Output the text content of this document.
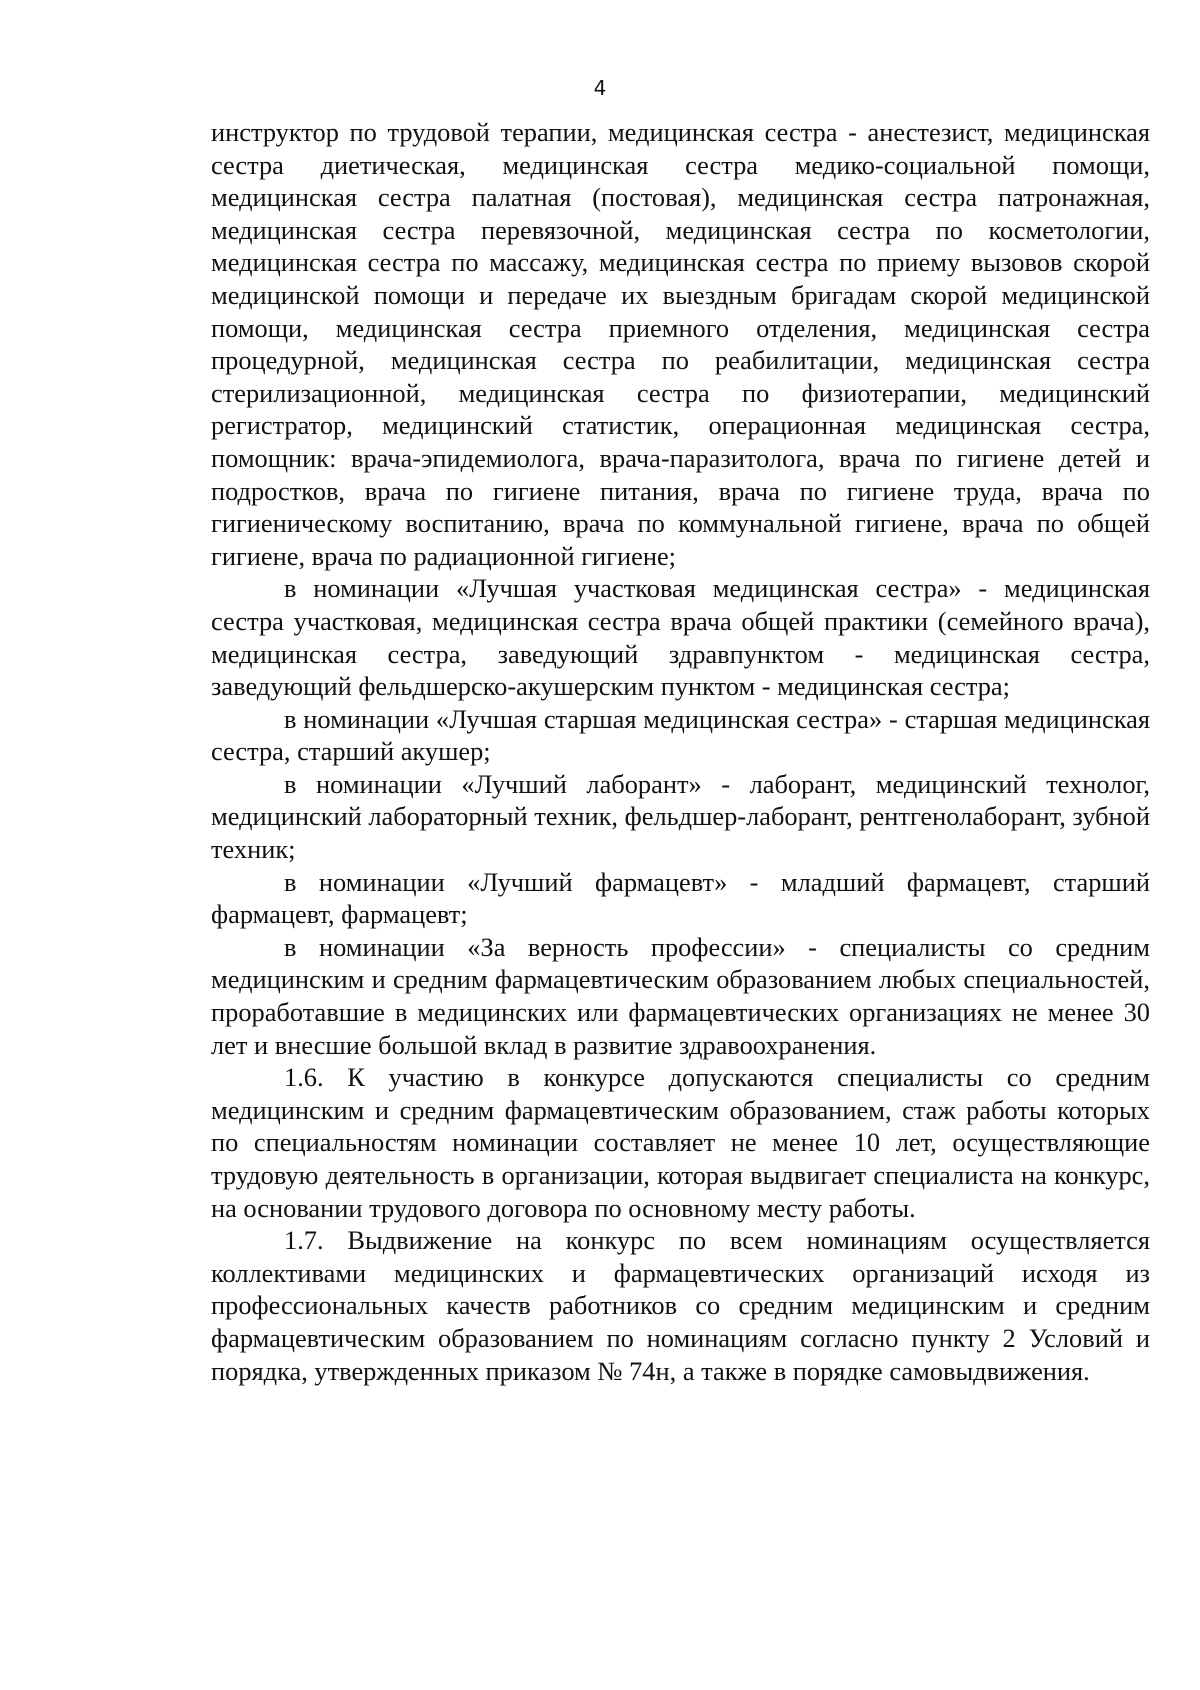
4

инструктор по трудовой терапии, медицинская сестра - анестезист, медицинская сестра диетическая, медицинская сестра медико-социальной помощи, медицинская сестра палатная (постовая), медицинская сестра патронажная, медицинская сестра перевязочной, медицинская сестра по косметологии, медицинская сестра по массажу, медицинская сестра по приему вызовов скорой медицинской помощи и передаче их выездным бригадам скорой медицинской помощи, медицинская сестра приемного отделения, медицинская сестра процедурной, медицинская сестра по реабилитации, медицинская сестра стерилизационной, медицинская сестра по физиотерапии, медицинский регистратор, медицинский статистик, операционная медицинская сестра, помощник: врача-эпидемиолога, врача-паразитолога, врача по гигиене детей и подростков, врача по гигиене питания, врача по гигиене труда, врача по гигиеническому воспитанию, врача по коммунальной гигиене, врача по общей гигиене, врача по радиационной гигиене;

в номинации «Лучшая участковая медицинская сестра» - медицинская сестра участковая, медицинская сестра врача общей практики (семейного врача), медицинская сестра, заведующий здравпунктом - медицинская сестра, заведующий фельдшерско-акушерским пунктом - медицинская сестра;

в номинации «Лучшая старшая медицинская сестра» - старшая медицинская сестра, старший акушер;

в номинации «Лучший лаборант» - лаборант, медицинский технолог, медицинский лабораторный техник, фельдшер-лаборант, рентгенолаборант, зубной техник;

в номинации «Лучший фармацевт» - младший фармацевт, старший фармацевт, фармацевт;

в номинации «За верность профессии» - специалисты со средним медицинским и средним фармацевтическим образованием любых специальностей, проработавшие в медицинских или фармацевтических организациях не менее 30 лет и внесшие большой вклад в развитие здравоохранения.

1.6. К участию в конкурсе допускаются специалисты со средним медицинским и средним фармацевтическим образованием, стаж работы которых по специальностям номинации составляет не менее 10 лет, осуществляющие трудовую деятельность в организации, которая выдвигает специалиста на конкурс, на основании трудового договора по основному месту работы.

1.7. Выдвижение на конкурс по всем номинациям осуществляется коллективами медицинских и фармацевтических организаций исходя из профессиональных качеств работников со средним медицинским и средним фармацевтическим образованием по номинациям согласно пункту 2 Условий и порядка, утвержденных приказом № 74н, а также в порядке самовыдвижения.
